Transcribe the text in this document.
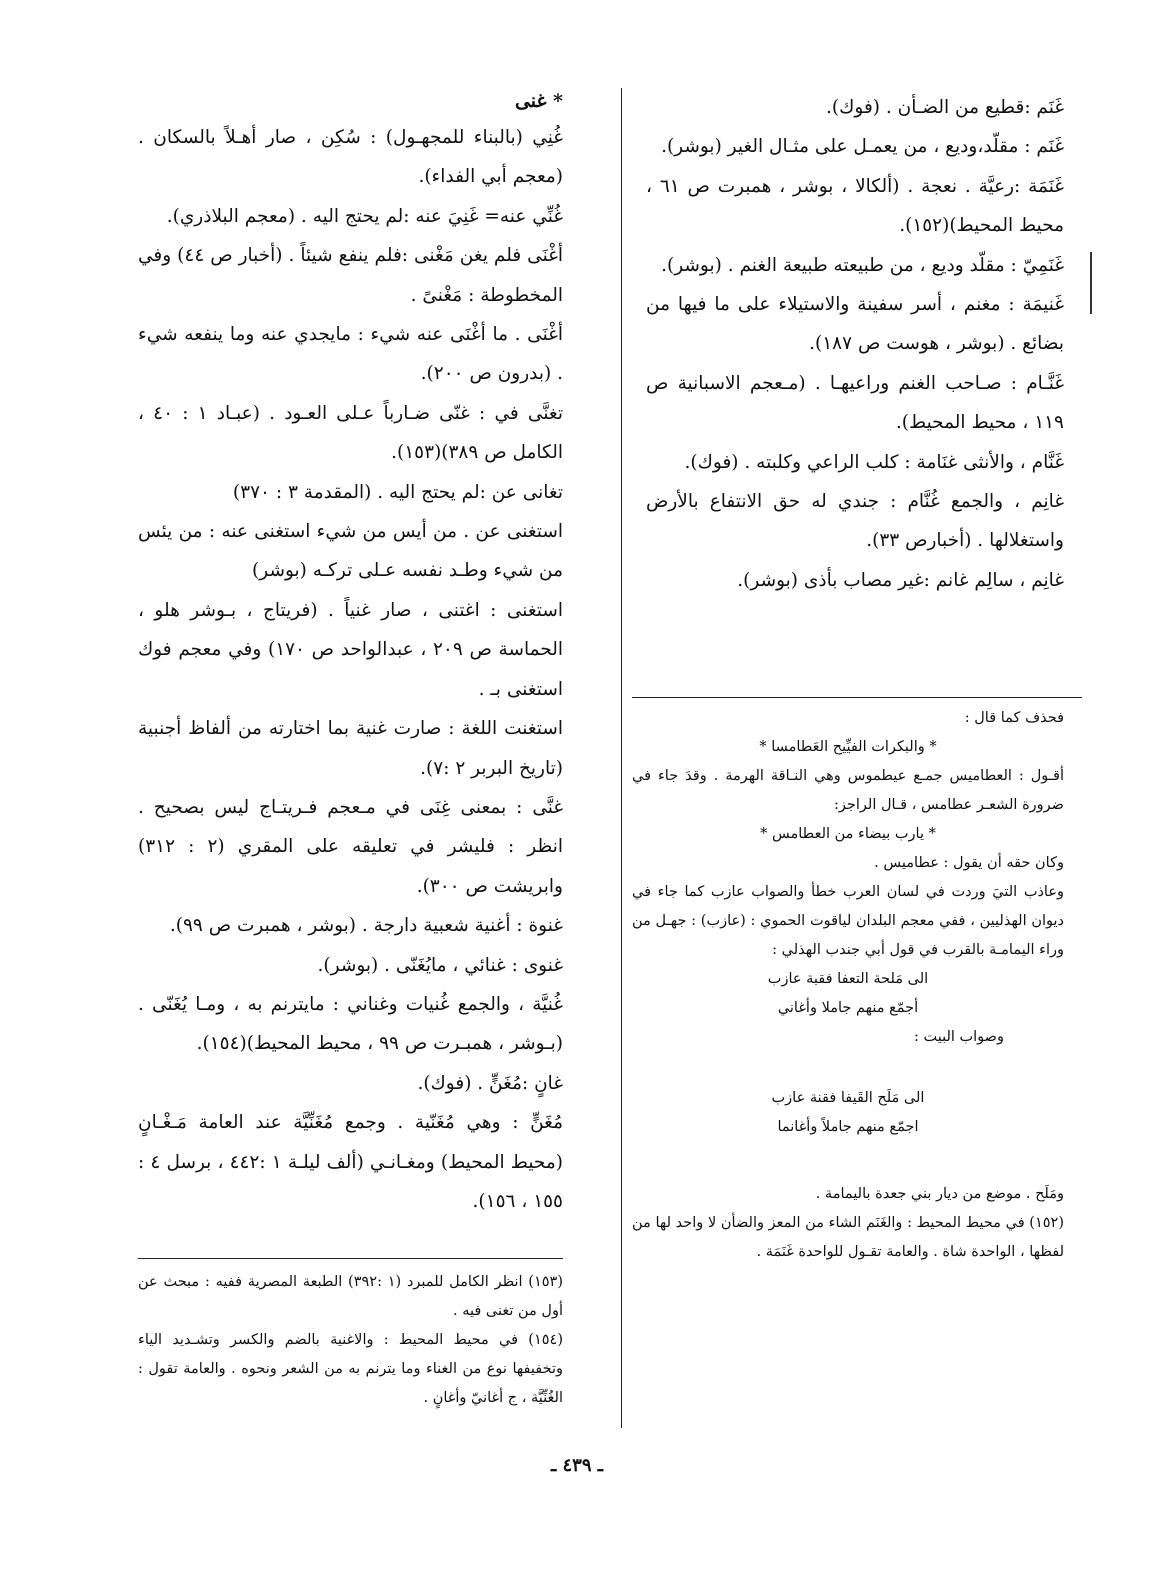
* غنى

غُنِي (بالبناء للمجهـول) : سُكِن ، صار أهـلاً بالسكان . (معجم أبي الفداء).

غُنِّي عنه= غَنِيَ عنه :لم يحتج اليه . (معجم البلاذري).

أغْنَى فلم يغن مَغْنى :فلم ينفع شيئاً . (أخبار ص ٤٤) وفي المخطوطة : مَغْنىً .

أغْنَى . ما أغْنَى عنه شيء : مايجدي عنه وما ينفعه شيء . (بدرون ص ٢٠٠).

تغنَّى في : غنّى ضـارباً عـلى العـود . (عبـاد ١ : ٤٠ ، الكامل ص ٣٨٩)(١٥٣).

تغانى عن :لم يحتج اليه . (المقدمة ٣ : ٣٧٠)

استغنى عن . من أيس من شيء استغنى عنه : من يئس من شيء وطـد نفسه عـلى تركـه (بوشر)

استغنى : اغتنى ، صار غنياً . (فريتاج ، بـوشر هلو ، الحماسة ص ٢٠٩ ، عبدالواحد ص ١٧٠) وفي معجم فوك استغنى بـ .

استغنت اللغة : صارت غنية بما اختارته من ألفاظ أجنبية (تاريخ البربر ٢ :٧).

غنَّى : بمعنى غِنَى في مـعجم فـريتـاج ليس بصحيح . انظر : فليشر في تعليقه على المقري (٢ : ٣١٢) وابريشت ص ٣٠٠).

غنوة : أغنية شعبية دارجة . (بوشر ، همبرت ص ٩٩).

غنوى : غنائي ، مايُغَنّى . (بوشر).

غُنيَّة ، والجمع غُنيات وغناني : مايترنم به ، ومـا يُغَنّى . (بـوشر ، همبـرت ص ٩٩ ، محيط المحيط)(١٥٤).

غانٍ :مُغَنٍّ . (فوك).

مُغَنٍّ : وهي مُغَنّية . وجمع مُغَنِّيَّة عند العامة مَـغْـانٍ (محيط المحيط) ومغـانـي (ألف ليلـة ١ :٤٤٢ ، برسل ٤ : ١٥٥ ، ١٥٦).

(١٥٣) انظر الكامل للمبرد (١ :٣٩٢) الطبعة المصرية ففيه : مبحث عن أول من تغنى فيه .

(١٥٤) في محيط المحيط : والاغنية بالضم والكسر وتشـديد الياء وتخفيفها نوع من الغناء وما يترنم به من الشعر ونحوه . والعامة تقول : الغُنِّيَّة ، ج أغانيّ وأغانٍ .

غَنَم :قطيع من الضـأن . (فوك).

غَنَم : مقلّد،وديع ، من يعمـل على مثـال الغير (بوشر).

غَنَمَة :رعيَّة . نعجة . (ألكالا ، بوشر ، همبرت ص ٦١ ، محيط المحيط)(١٥٢).

غَنَمِيّ : مقلّد وديع ، من طبيعته طبيعة الغنم . (بوشر).

غَنيمَة : مغنم ، أسر سفينة والاستيلاء على ما فيها من بضائع . (بوشر ، هوست ص ١٨٧).

غَنَّـام : صـاحب الغنم وراعيهـا . (مـعجم الاسبانية ص ١١٩ ، محيط المحيط).

غَنَّام ، والأنثى غنَامة : كلب الراعي وكلبته . (فوك).

غانِم ، والجمع غُنَّام : جندي له حق الانتفاع بالأرض واستغلالها . (أخبارص ٣٣).

غانِم ، سالِم غانم :غير مصاب بأذى (بوشر).

فحذف كما قال :

* والبكرات الفيِّيح العَطامسا *

أقـول : العطاميس جمـع عيطموس وهي النـاقة الهرمة . وقدَ جاء في ضرورة الشعـر عطامس ، قـال الراجز:

* يارب بيضاء من العطامس *

وكان حقه أن يقول : عطاميس .

وعاذب التيَ وردت في لسان العرب خطأ والصواب عازب كما جاء في ديوان الهذليين ، ففي معجم البلدان لياقوت الحموي : (عازب) : جهـل من وراء اليمامـة بالقرب في قول أبي جندب الهذلي :

الى مَلحة التعفا فقبة عازب

أجمّع منهم جاملا وأغاني

وصواب البيت :

الى مَلَح القَيفا فقنة عازب

اجمّع منهم جاملاً وأغانما

ومَلَح . موضع من ديار بني جعدة باليمامة .

(١٥٢) في محيط المحيط : والغَنَم الشاء من المعز والضأن لا واحد لها من لفظها ، الواحدة شاة . والعامة تقـول للواحدة غَنَمَة .

ـ ٤٣٩ ـ
